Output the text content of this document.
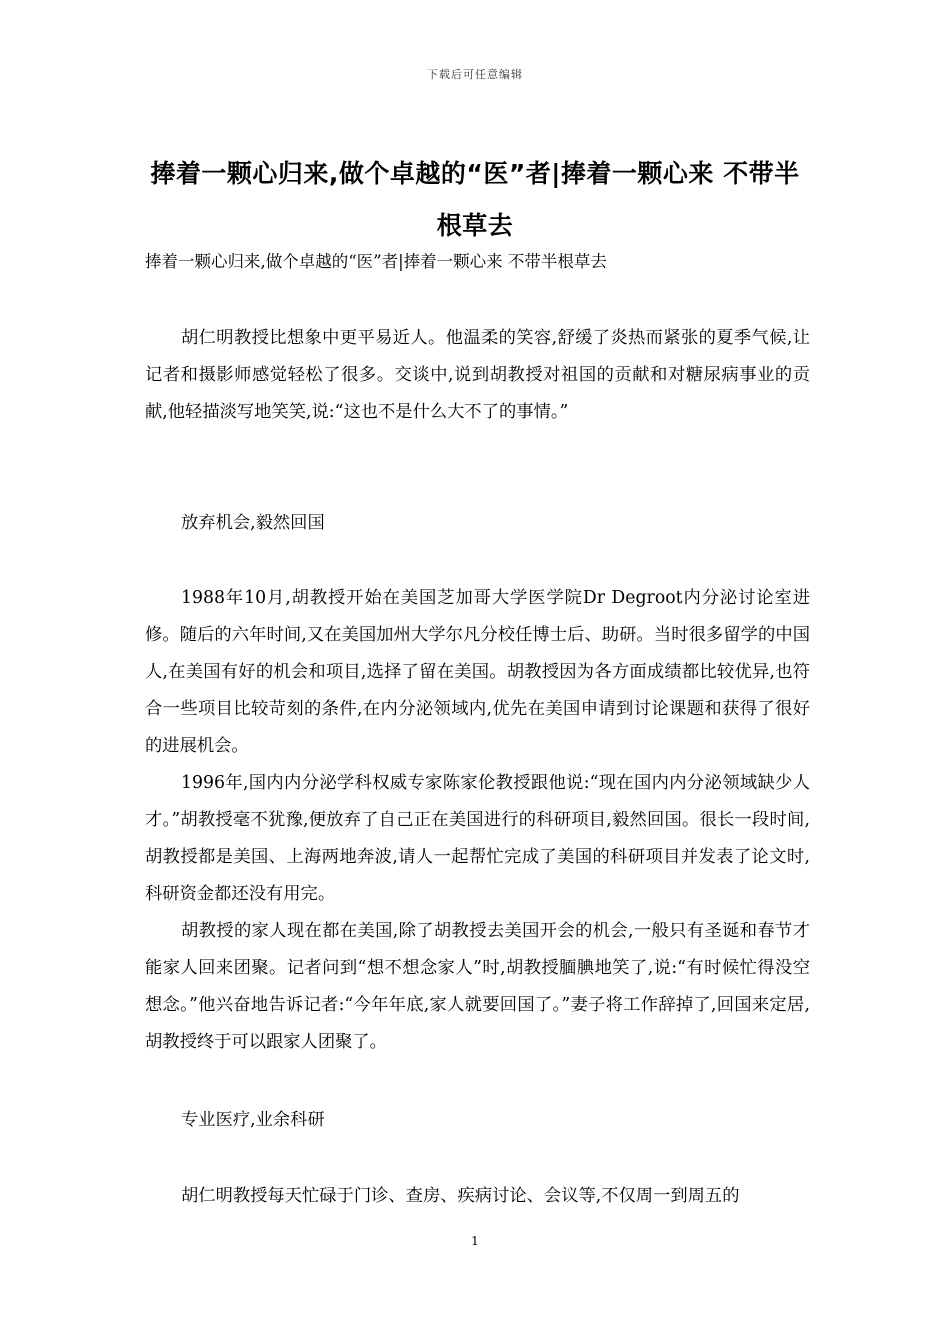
下载后可任意编辑
捧着一颗心归来,做个卓越的“医”者|捧着一颗心来 不带半根草去
捧着一颗心归来,做个卓越的“医”者|捧着一颗心来 不带半根草去

胡仁明教授比想象中更平易近人。他温柔的笑容,舒缓了炎热而紧张的夏季气候,让记者和摄影师感觉轻松了很多。交谈中,说到胡教授对祖国的贡献和对糖尿病事业的贡献,他轻描淡写地笑笑,说:“这也不是什么大不了的事情。”

放弃机会,毅然回国

1988年10月,胡教授开始在美国芝加哥大学医学院Dr Degroot内分泌讨论室进修。随后的六年时间,又在美国加州大学尔凡分校任博士后、助研。当时很多留学的中国人,在美国有好的机会和项目,选择了留在美国。胡教授因为各方面成绩都比较优异,也符合一些项目比较苛刻的条件,在内分泌领域内,优先在美国申请到讨论课题和获得了很好的进展机会。

1996年,国内内分泌学科权威专家陈家伦教授跟他说:“现在国内内分泌领域缺少人才。”胡教授毫不犹豫,便放弃了自己正在美国进行的科研项目,毅然回国。很长一段时间,胡教授都是美国、上海两地奔波,请人一起帮忙完成了美国的科研项目并发表了论文时,科研资金都还没有用完。

胡教授的家人现在都在美国,除了胡教授去美国开会的机会,一般只有圣诞和春节才能家人回来团聚。记者问到“想不想念家人”时,胡教授腼腆地笑了,说:“有时候忙得没空想念。”他兴奋地告诉记者:“今年年底,家人就要回国了。”妻子将工作辞掉了,回国来定居,胡教授终于可以跟家人团聚了。

专业医疗,业余科研

胡仁明教授每天忙碌于门诊、查房、疾病讨论、会议等,不仅周一到周五的

1
